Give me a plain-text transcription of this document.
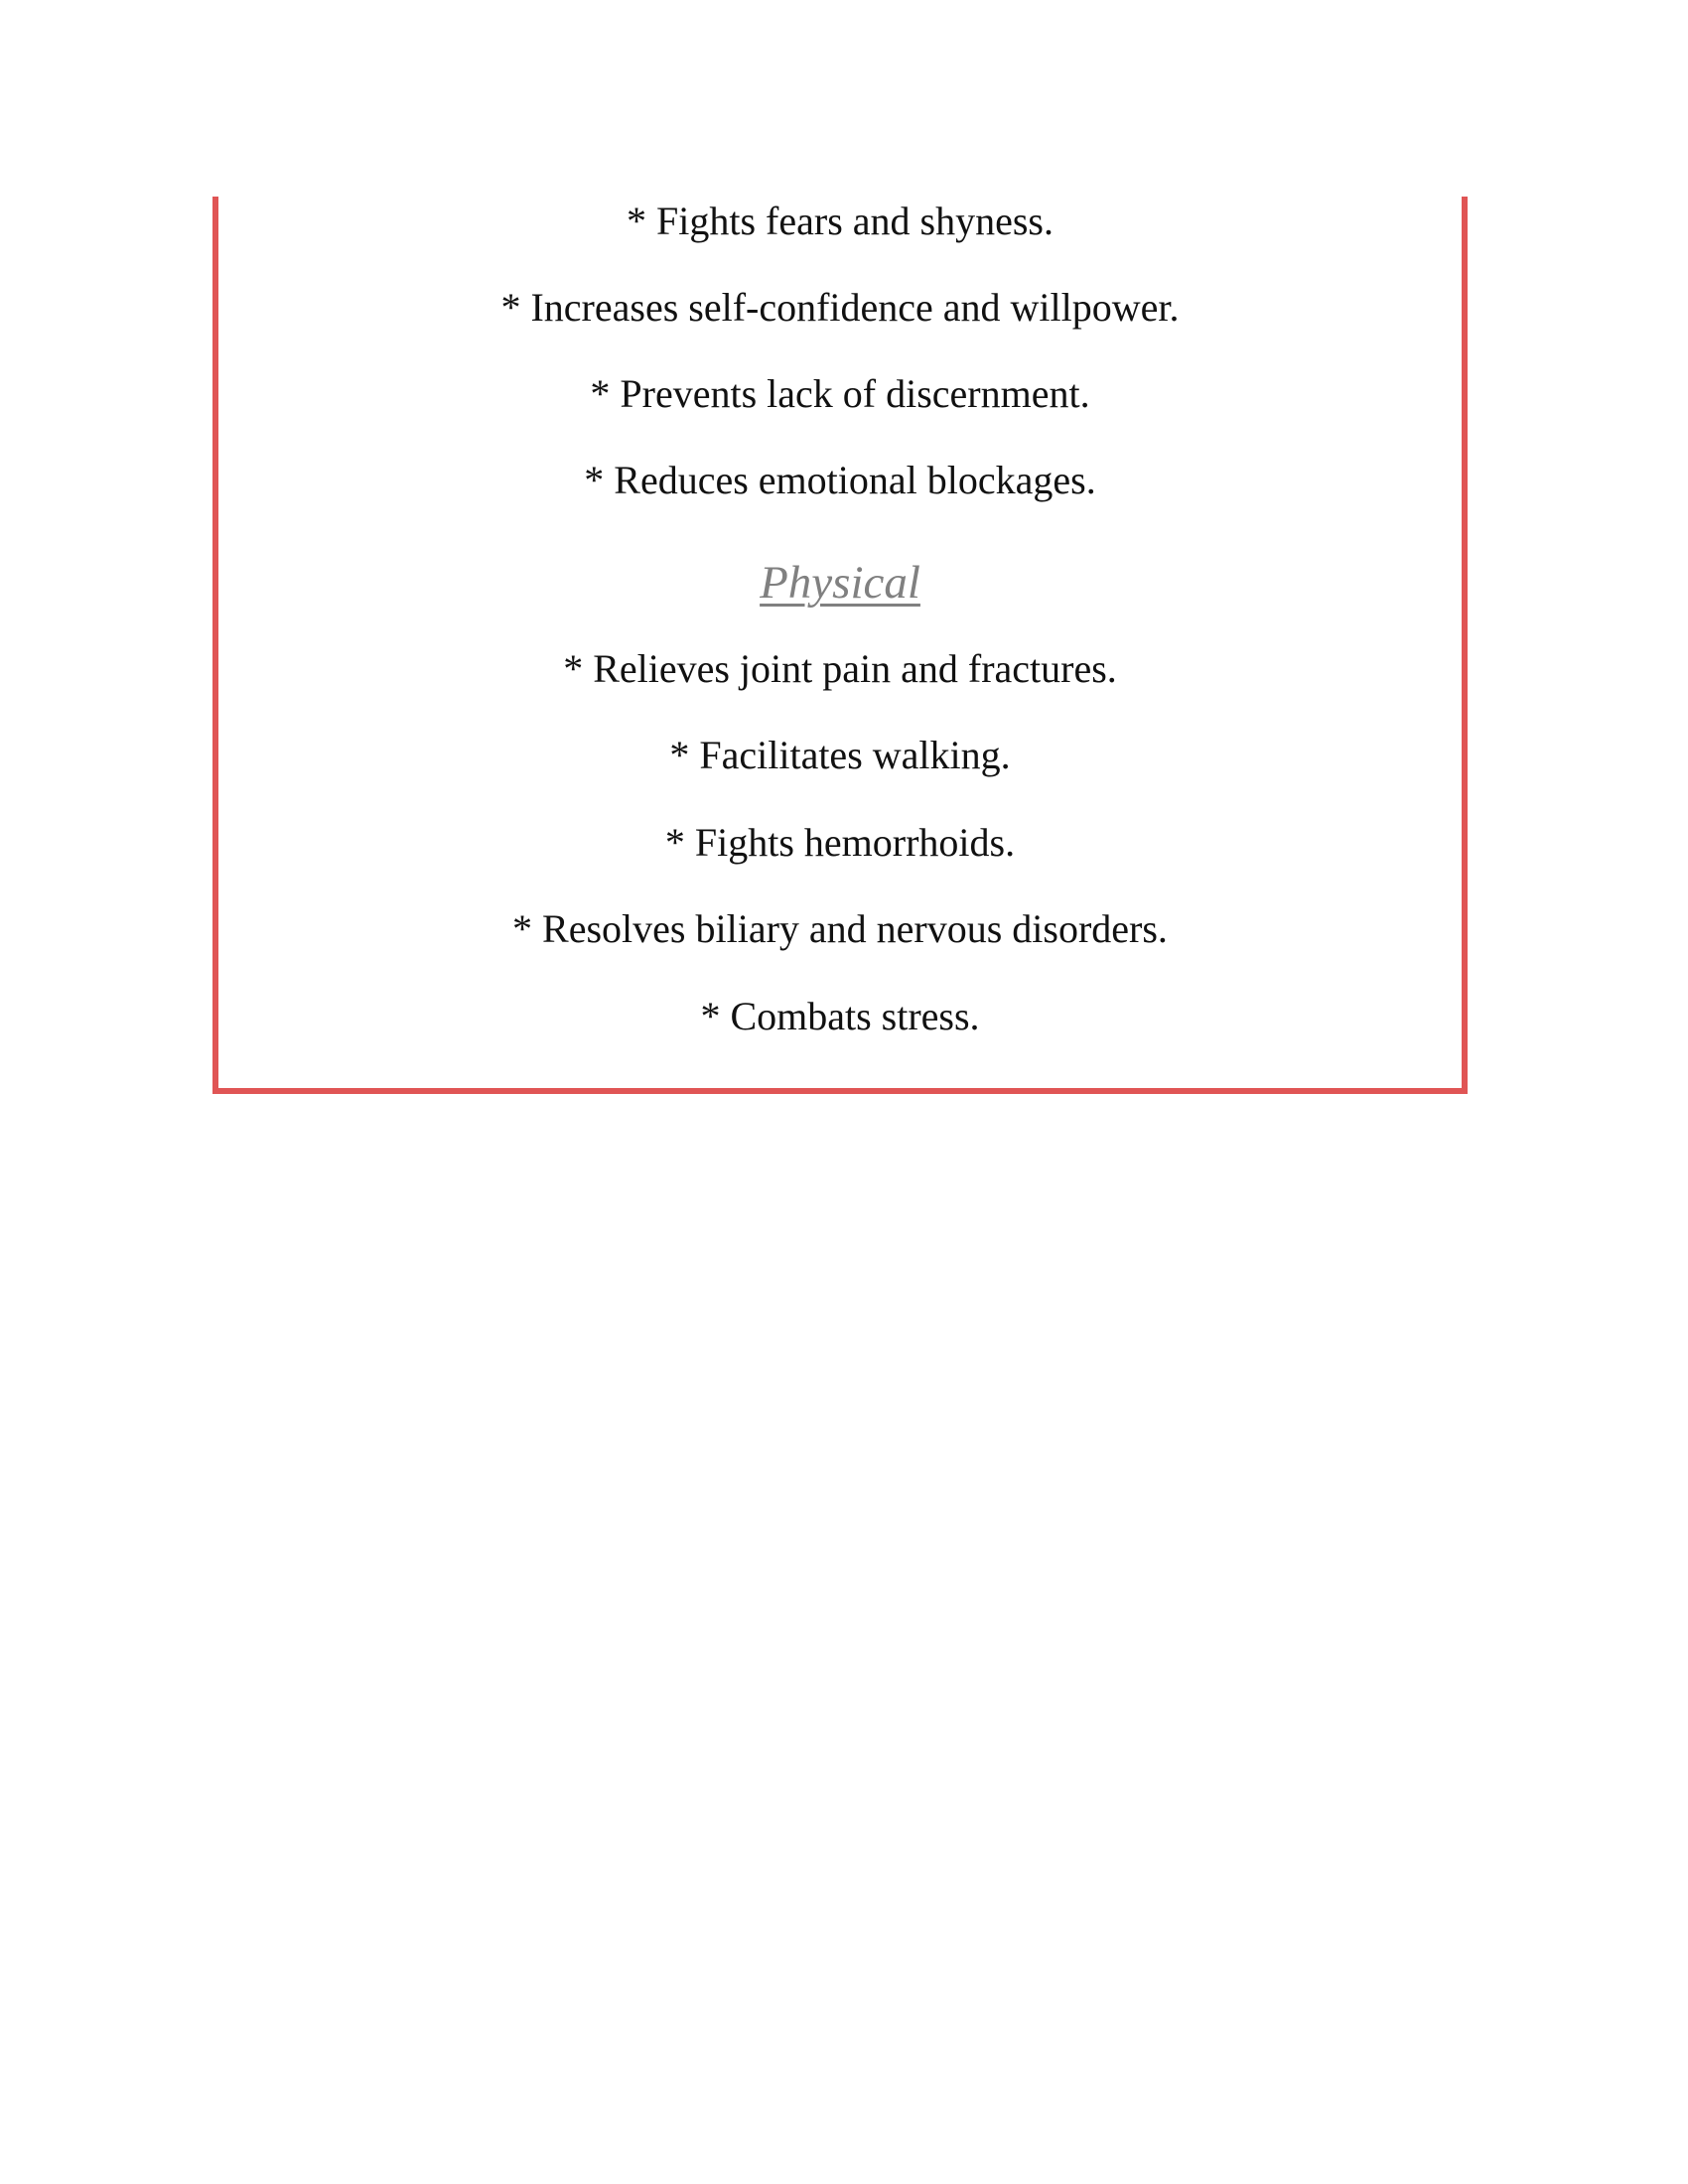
* Fights fears and shyness.
* Increases self-confidence and willpower.
* Prevents lack of discernment.
* Reduces emotional blockages.
Physical
* Relieves joint pain and fractures.
* Facilitates walking.
* Fights hemorrhoids.
* Resolves biliary and nervous disorders.
* Combats stress.
